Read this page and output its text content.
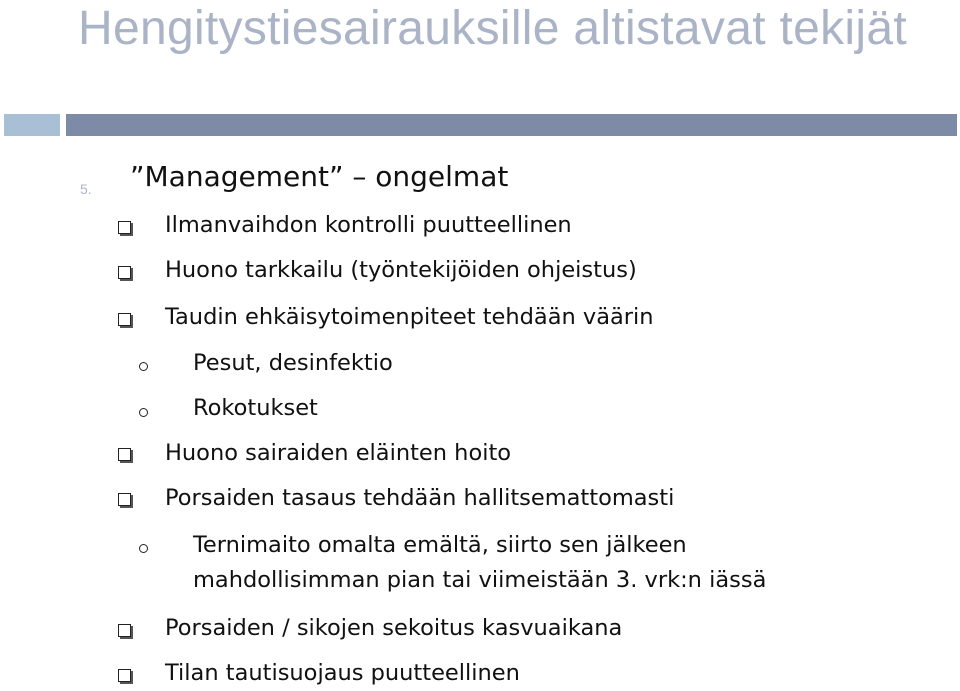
Hengitystiesairauksille altistavat tekijät
5. ”Management” – ongelmat
Ilmanvaihdon kontrolli puutteellinen
Huono tarkkailu (työntekijöiden ohjeistus)
Taudin ehkäisytoimenpiteet tehdään väärin
Pesut, desinfektio
Rokotukset
Huono sairaiden eläinten hoito
Porsaiden tasaus tehdään hallitsemattomasti
Ternimaito omalta emältä, siirto sen jälkeen
mahdollisimman pian tai viimeistään 3. vrk:n iässä
Porsaiden / sikojen sekoitus kasvuaikana
Tilan tautisuojaus puutteellinen
